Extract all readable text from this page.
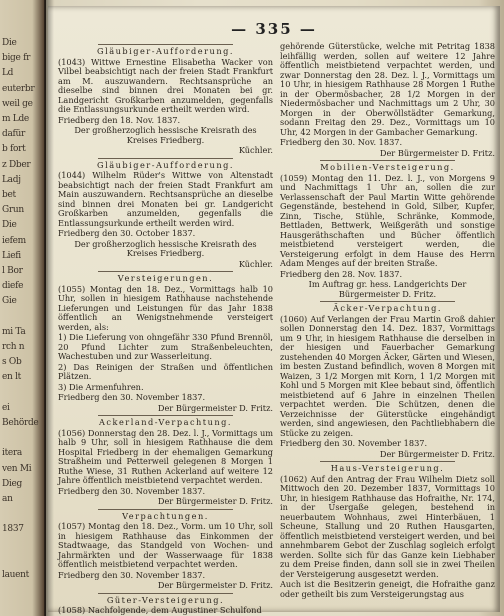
Die
bige fr
Ld
euterbr
weil ge
m Lde
dafür
b fort
z Dber
Ladj
bet
Grun
Die
iefem
Liefi
l Bor
diefe
Gie
mi Ta
rch n
s Ob
en lt
ei
Behörde
itera
ven Mi
Dieg
an
1837
lauent
— 335 —

Gläubiger-Aufforderung.

(1043) Wittwe Ernestine Elisabetha Wacker von Vilbel beabsichtigt nach der freien Stadt Frankfurt am M. auszuwandern. Rechtsansprüche an dieselbe sind binnen drei Monaten bei gr. Landgericht Großkarben anzumelden, gegenfalls die Entlassungsurkunde ertheilt werden wird.

Friedberg den 18. Nov. 1837.

Der großherzoglich hessische Kreisrath des Kreises Friedberg.

Küchler.

Gläubiger-Aufforderung.

(1044) Wilhelm Rüder's Wittwe von Altenstadt beabsichtigt nach der freien Stadt Frankfurt am Main auszuwandern. Rechtsansprüche an dieselbe sind binnen drei Monaten bei gr. Landgericht Großkarben anzumelden, gegenfalls die Entlassungsurkunde ertheilt werden wird.

Friedberg den 30. October 1837.

Der großherzoglich hessische Kreisrath des Kreises Friedberg.

Küchler.

Versteigerungen.

(1055) Montag den 18. Dez., Vormittags halb 10 Uhr, sollen in hiesigem Rathhause nachstehende Lieferungen und Leistungen für das Jahr 1838 öffentlich an Wenigstnehmende versteigert werden, als:

1) Die Lieferung von ohngefähr 330 Pfund Brennöl, 20 Pfund Lichter zum Straßenbeleuchten, Wachestuben und zur Wasserleitung.

2) Das Reinigen der Straßen und öffentlichen Plätzen.

3) Die Armenfuhren.

Friedberg den 30. November 1837.

Der Bürgermeister D. Fritz.

Ackerland-Verpachtung.

(1056) Donnerstag den 28. Dez. l. J., Vormittags um halb 9 Uhr, soll in hiesigem Rathhause die dem Hospital Friedberg in der ehemaligen Gemarkung Straßheim und Petterweil gelegenen 8 Morgen 1 Ruthe Wiese, 31 Ruthen Ackerland auf weitere 12 Jahre öffentlich meistbietend verpachtet werden.

Friedberg den 30. November 1837.

Der Bürgermeister D. Fritz.

Verpachtungen.

(1057) Montag den 18. Dez., Vorm. um 10 Uhr, soll in hiesigem Rathhause das Einkommen der Stadtwaage, das Standgeld von Wochen- und Jahrmärkten und der Wasserwaage für 1838 öffentlich meistbietend verpachtet werden.

Friedberg den 30. November 1837.

Der Bürgermeister D. Fritz.

Güter-Versteigerung.

(1058) Nachfolgende, dem Augustiner Schulfond

gehörende Güterstücke, welche mit Petritag 1838 leihfällig werden, sollen auf weitere 12 Jahre öffentlich meistbietend verpachtet werden, und zwar Donnerstag den 28. Dez. l. J., Vormittags um 10 Uhr, in hiesigem Rathhause 28 Morgen 1 Ruthe in der Obermösbacher, 28 1/2 Morgen in der Niedermösbacher und Nachmittags um 2 Uhr, 30 Morgen in der Oberwöllstädter Gemarkung, sodann Freitag den 29. Dez., Vormittags um 10 Uhr, 42 Morgen in der Gambacher Gemarkung.

Friedberg den 30. Nov. 1837.

Der Bürgermeister D. Fritz.

Mobilien-Versteigerung.

(1059) Montag den 11. Dez. l. J., von Morgens 9 und Nachmittags 1 Uhr an, sollen die zur Verlassenschaft der Paul Martin Witte gehörende Gegenstände, bestehend in Gold, Silber, Kupfer, Zinn, Tische, Stühle, Schränke, Kommode, Bettladen, Bettwerk, Weißgeräth und sonstige Hausgeräthschaften und Bücher öffentlich meistbietend versteigert werden, die Versteigerung erfolgt in dem Hause des Herrn Adam Menges auf der breiten Straße.

Friedberg den 28. Nov. 1837.

Im Auftrag gr. hess. Landgerichts Der Bürgermeister D. Fritz.

Äcker-Verpachtung.

(1060) Auf Verlangen der Frau Martin Groß dahier sollen Donnerstag den 14. Dez. 1837, Vormittags um 9 Uhr, in hiesigem Rathhause die derselben in der hiesigen und Fauerbacher Gemarkung zustehenden 40 Morgen Äcker, Gärten und Wiesen, im besten Zustand befindlich, woven 8 Morgen mit Waizen, 3 1/2 Morgen mit Korn, 1 1/2 Morgen mit Kohl und 5 Morgen mit Klee bebaut sind, öffentlich meistbietend auf 6 Jahre in einzelnen Theilen verpachtet werden. Die Schützen, denen die Verzeichnisse der Güterstücke eingehändigt werden, sind angewiesen, den Pachtliebhabern die Stücke zu zeigen.

Friedberg den 30. November 1837.

Der Bürgermeister D. Fritz.

Haus-Versteigerung.

(1062) Auf den Antrag der Frau Wilhelm Dietz soll Mittwoch den 20. Dezember 1837, Vormittags 10 Uhr, in hiesigem Rathhause das Hofraithe, Nr. 174, in der Usergaße gelegen, bestehend in neuerbautem Wohnhaus, zwei Hinterbäuen, 1 Scheune, Stallung und 20 Ruthen Hausgarten, öffentlich meistbietend versteigert werden, und bei annehmbarem Gebot der Zuschlag sogleich erfolgt werden. Sollte sich für das Ganze kein Liebhaber zu dem Preise finden, dann soll sie in zwei Theilen der Versteigerung ausgesetzt werden.

Auch ist die Besitzerin geneigt, die Hofraithe ganz oder getheilt bis zum Versteigerungstag aus
